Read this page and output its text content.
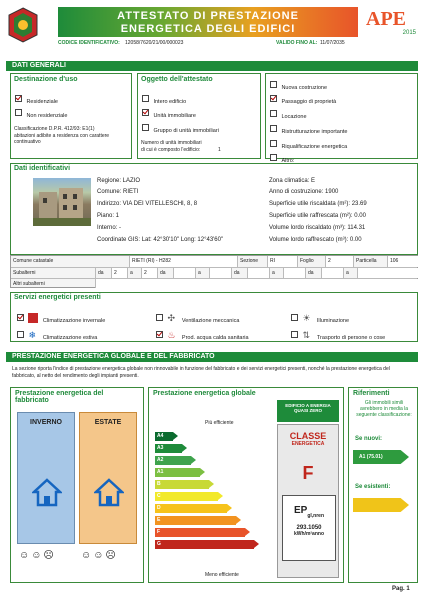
ATTESTATO DI PRESTAZIONE
ENERGETICA DEGLI EDIFICI
CODICE IDENTIFICATIVO: 12058/7620/21/00/000023	VALIDO FINO AL: 11/07/2035
APE
2015
DATI GENERALI
Destinazione d'uso
Residenziale
Non residenziale
Classificazione D.P.R. 412/93: E1(1)
abitazioni adibite a residenza con carattere continuativo
Oggetto dell'attestato
Intero edificio
Unità immobiliare
Gruppo di unità immobiliari
Numero di unità immobiliari
di cui è composto l'edificio:	1
Nuova costruzione
Passaggio di proprietà
Locazione
Ristrutturazione importante
Riqualificazione energetica
Altro:
Dati identificativi
Regione: LAZIO
Comune: RIETI
Indirizzo: VIA DEI VITELLESCHI, 8, 8
Piano: 1
Interno: -
Coordinate GIS: Lat: 42°30'10" Long: 12°43'60"
Zona climatica: E
Anno di costruzione: 1900
Superficie utile riscaldata (m²): 23.69
Superficie utile raffrescata (m²): 0.00
Volume lordo riscaldato (m³): 114.31
Volume lordo raffrescato (m³): 0.00
Comune catastale	RIETI (RI) - H282	Sezione	RI	Foglio	2	Particella	106
Subalterni	da	2	a	2	da	a	da	a	da	a
Altri subalterni
Servizi energetici presenti
Climatizzazione invernale
❄ Climatizzazione estiva
✣ Ventilazione meccanica
♨ Prod. acqua calda sanitaria
☀ Illuminazione
⇅ Trasporto di persone o cose
PRESTAZIONE ENERGETICA GLOBALE E DEL FABBRICATO
La sezione riporta l'indice di prestazione energetica globale non rinnovabile in funzione del fabbricato e dei servizi energetici presenti, nonché la prestazione energetica del fabbricato, al netto del rendimento degli impianti presenti.
Prestazione energetica del fabbricato
INVERNO	ESTATE
☺☺☹	☺☺☹
Prestazione energetica globale
Più efficiente
A4
A3
A2
A1
B
C
D
E
F
G
Meno efficiente
EDIFICIO A ENERGIA QUASI ZERO
CLASSE
ENERGETICA
F
$EP_{gl,nren}$
293.1050
kWh/m²anno
Riferimenti
Gli immobili simili avrebbero in media la seguente classificazione:
Se nuovi:
A1 (75.01)
Se esistenti:
Pag. 1
